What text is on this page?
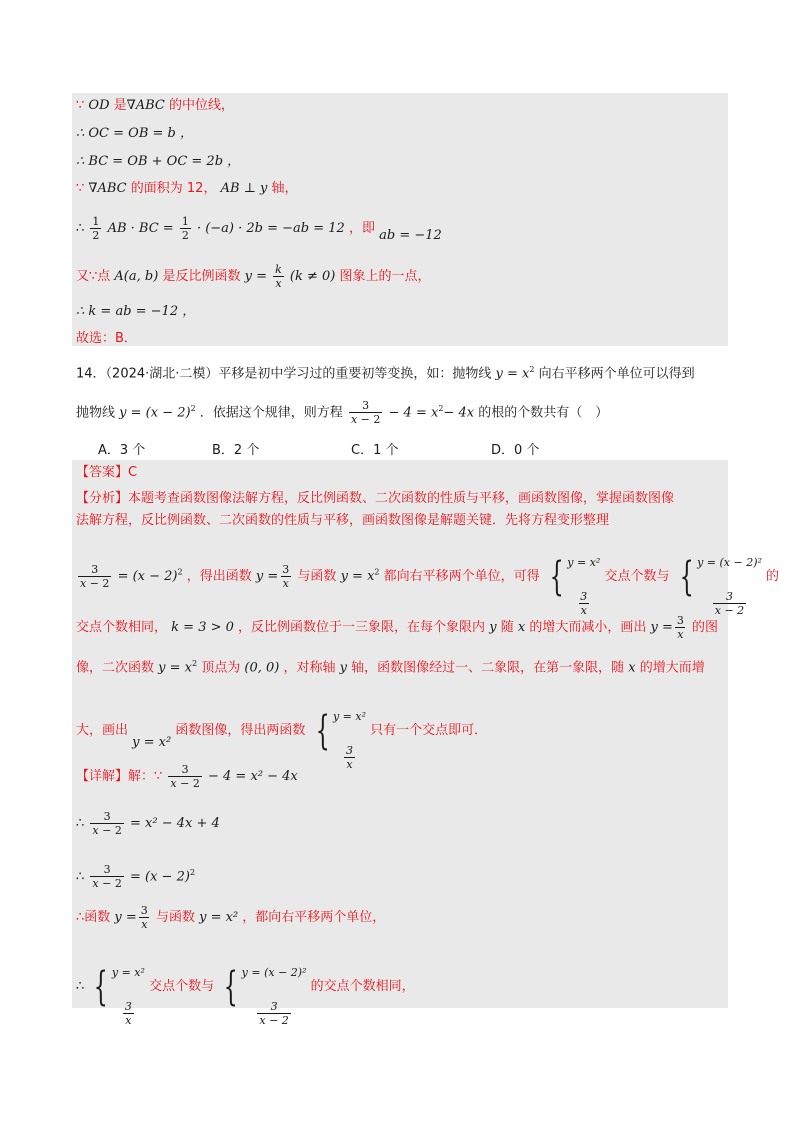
∵ OD 是∇ABC 的中位线，
∴ OC = OB = b ，
∴ BC = OB + OC = 2b ，
∵ ∇ABC 的面积为 12， AB ⊥ y 轴，
∴ $\frac{1}{2}$ AB · BC = $\frac{1}{2} \cdot (-a) \cdot 2b = -ab = 12$ ，即 ab = −12
又∵点 A(a, b) 是反比例函数 $y = \frac{k}{x} (k \ne 0)$ 图象上的一点，
∴ k = ab = −12 ，
故选：B．
14．（2024·湖北·二模）平移是初中学习过的重要初等变换，如：抛物线 $y = x^2$ 向右平移两个单位可以得到
抛物线 $y = (x - 2)^2$ ．依据这个规律，则方程 $\frac{3}{x - 2} - 4 = x^2- 4x$ 的根的个数共有（　）
A．3 个	B．2 个	C．1 个	D．0 个
【答案】C
【分析】本题考查函数图像法解方程，反比例函数、二次函数的性质与平移，画函数图像，掌握函数图像
法解方程，反比例函数、二次函数的性质与平移，画函数图像是解题关键．先将方程变形整理
$\frac{3}{x - 2} = (x - 2)^2$ ，得出函数 $y = \frac{3}{x}$ 与函数 $y = x^2$ 都向右平移两个单位，可得 { y = x²
$\frac{3}{x}$
交点个数与 { y = (x − 2)²
$\frac{3}{x - 2}$
的
交点个数相同， k = 3 > 0 ，反比例函数位于一三象限，在每个象限内 y 随 x 的增大而减小，画出 $y = \frac{3}{x}$ 的图
像，二次函数 $y = x^2$ 顶点为 (0, 0) ，对称轴 y 轴，函数图像经过一、二象限，在第一象限，随 x 的增大而增
大，画出 y = x² 函数图像，得出两函数 { y = x²
$\frac{3}{x}$
只有一个交点即可．
【详解】解：∵ $\frac{3}{x - 2} - 4 = x^2 - 4x$
∴ $\frac{3}{x - 2} = x^2 - 4x + 4$
∴ $\frac{3}{x - 2} = (x - 2)^2$
∴函数 $y = \frac{3}{x}$ 与函数 y = x² ，都向右平移两个单位，
∴ { y = x²
$\frac{3}{x}$
交点个数与 { y = (x − 2)²
$\frac{3}{x - 2}$
的交点个数相同，
